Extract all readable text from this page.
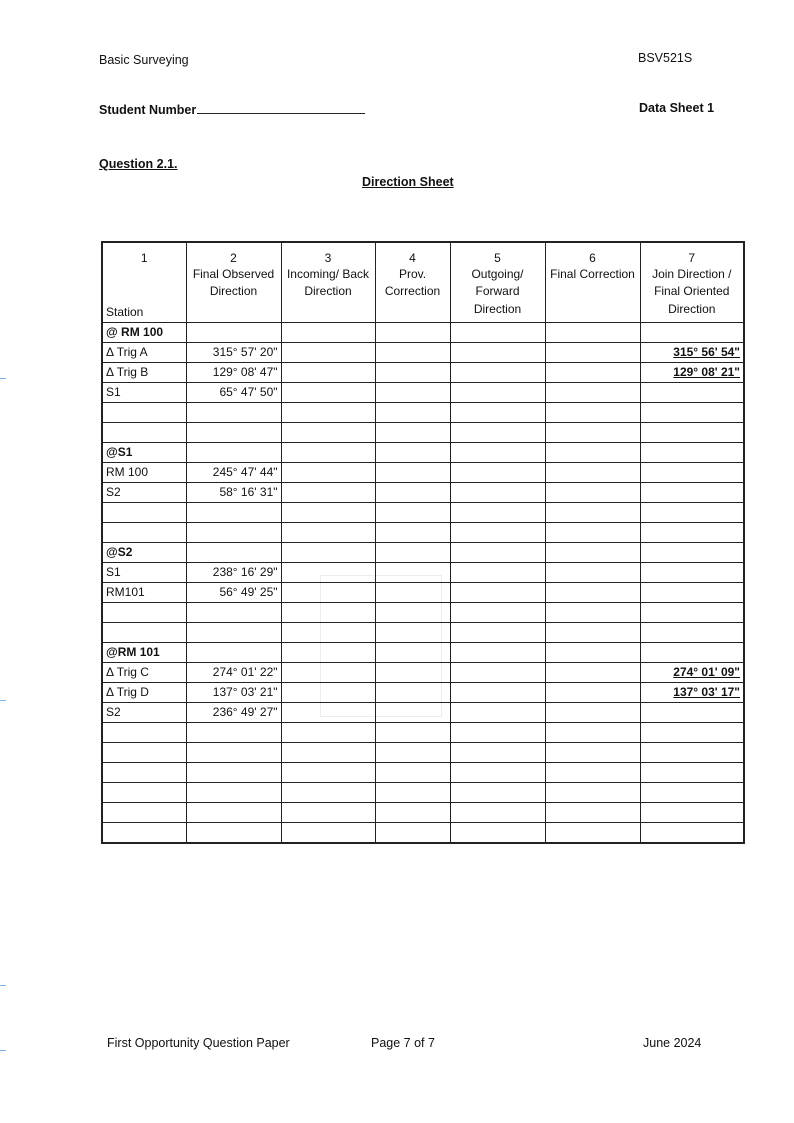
Basic Surveying	BSV521S
Student Number	Data Sheet 1
Question 2.1.
Direction Sheet
1	2	3	4	5	6	7
Station	Final Observed Direction	Incoming/ Back Direction	Prov. Correction	Outgoing/ Forward Direction	Final Correction	Join Direction / Final Oriented Direction
@ RM 100						
Δ Trig A	315° 57' 20"					315° 56' 54"
Δ Trig B	129° 08' 47"					129° 08' 21"
S1	65° 47' 50"					

@S1						
RM 100	245° 47' 44"					
S2	58° 16' 31"					

@S2						
S1	238° 16' 29"					
RM101	56° 49' 25"					

@RM 101						
Δ Trig C	274° 01' 22"					274° 01' 09"
Δ Trig D	137° 03' 21"					137° 03' 17"
S2	236° 49' 27"					

First Opportunity Question Paper	Page 7 of 7	June 2024
